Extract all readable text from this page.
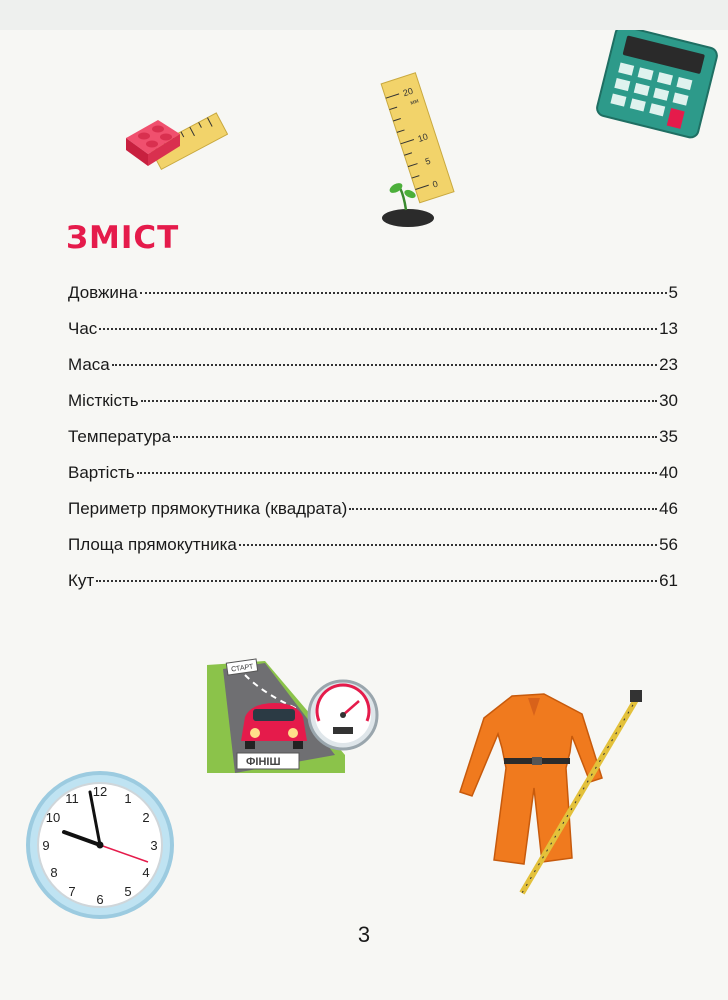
20
10
5
0
мм
ЗМІСТ
Довжина	5
Час	13
Маса	23
Місткість	30
Температура	35
Вартість	40
Периметр прямокутника (квадрата)	46
Площа прямокутника	56
Кут	61
СТАРТ
ФІНІШ
12 1
2
3
4
5
6
7
8
9
10
11
3
